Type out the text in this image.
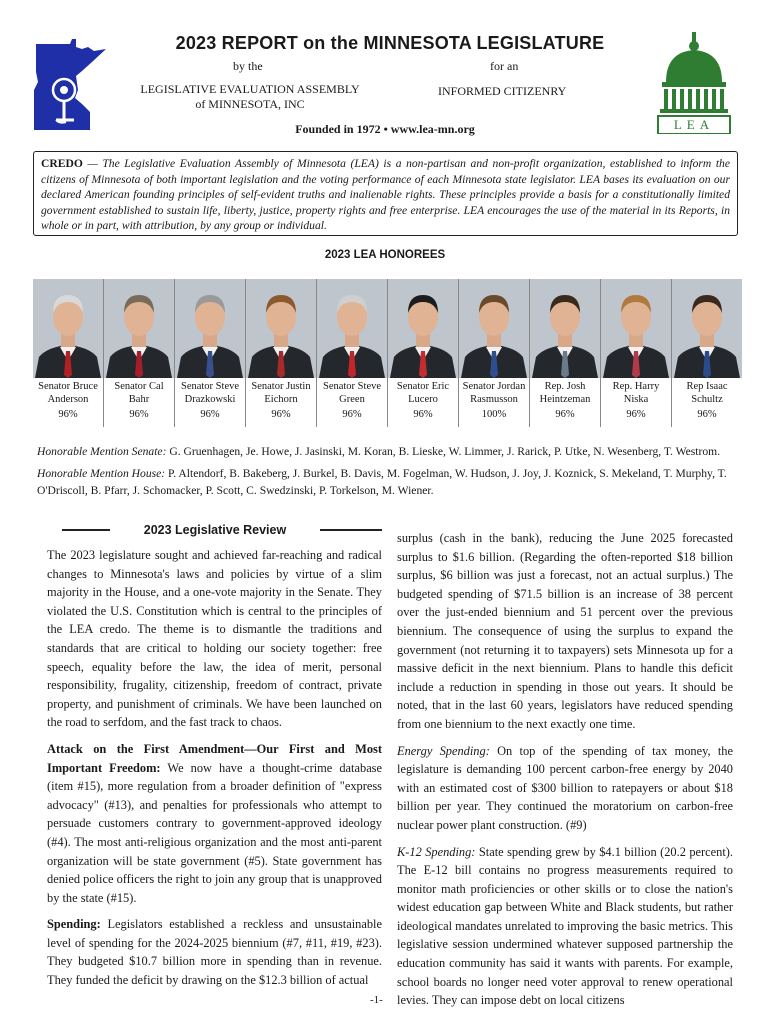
LEA
2023 REPORT on the MINNESOTA LEGISLATURE
by the	for an
LEGISLATIVE EVALUATION ASSEMBLY
of MINNESOTA, INC
INFORMED CITIZENRY
Founded in 1972 • www.lea-mn.org
CREDO — The Legislative Evaluation Assembly of Minnesota (LEA) is a non-partisan and non-profit organization, established to inform the citizens of Minnesota of both important legislation and the voting performance of each Minnesota state legislator. LEA bases its evaluation on our declared American founding principles of self-evident truths and inalienable rights. These principles provide a basis for a constitutionally limited government established to sustain life, liberty, justice, property rights and free enterprise. LEA encourages the use of the material in its Reports, in whole or in part, with attribution, by any group or individual.
2023 LEA HONOREES
Senator Bruce
Anderson
96%
Senator Cal
Bahr
96%
Senator Steve
Drazkowski
96%
Senator Justin
Eichorn
96%
Senator Steve
Green
96%
Senator Eric
Lucero
96%
Senator Jordan
Rasmusson
100%
Rep. Josh
Heintzeman
96%
Rep. Harry
Niska
96%
Rep Isaac
Schultz
96%
Honorable Mention Senate: G. Gruenhagen, Je. Howe, J. Jasinski, M. Koran, B. Lieske, W. Limmer, J. Rarick, P. Utke, N. Wesenberg, T. Westrom.
Honorable Mention House: P. Altendorf, B. Bakeberg, J. Burkel, B. Davis, M. Fogelman, W. Hudson, J. Joy, J. Koznick, S. Mekeland, T. Murphy, T. O'Driscoll, B. Pfarr, J. Schomacker, P. Scott, C. Swedzinski, P. Torkelson, M. Wiener.
2023 Legislative Review

The 2023 legislature sought and achieved far-reaching and radical changes to Minnesota's laws and policies by virtue of a slim majority in the House, and a one-vote majority in the Senate. They violated the U.S. Constitution which is central to the principles of the LEA credo. The theme is to dismantle the traditions and standards that are critical to holding our society together: free speech, equality before the law, the idea of merit, personal responsibility, frugality, citizenship, freedom of contract, private property, and punishment of criminals. We have been launched on the road to serfdom, and the fast track to chaos.

Attack on the First Amendment—Our First and Most Important Freedom: We now have a thought-crime database (item #15), more regulation from a broader definition of "express advocacy" (#13), and penalties for professionals who attempt to persuade customers contrary to government-approved ideology (#4). The most anti-religious organization and the most anti-parent organization will be state government (#5). State government has denied police officers the right to join any group that is unapproved by the state (#15).

Spending: Legislators established a reckless and unsustainable level of spending for the 2024-2025 biennium (#7, #11, #19, #23). They budgeted $10.7 billion more in spending than in revenue. They funded the deficit by drawing on the $12.3 billion of actual

surplus (cash in the bank), reducing the June 2025 forecasted surplus to $1.6 billion. (Regarding the often-reported $18 billion surplus, $6 billion was just a forecast, not an actual surplus.) The budgeted spending of $71.5 billion is an increase of 38 percent over the just-ended biennium and 51 percent over the previous biennium. The consequence of using the surplus to expand the government (not returning it to taxpayers) sets Minnesota up for a massive deficit in the next biennium. Plans to handle this deficit include a reduction in spending in those out years. It should be noted, that in the last 60 years, legislators have reduced spending from one biennium to the next exactly one time.

Energy Spending: On top of the spending of tax money, the legislature is demanding 100 percent carbon-free energy by 2040 with an estimated cost of $300 billion to ratepayers or about $18 billion per year. They continued the moratorium on carbon-free nuclear power plant construction. (#9)

K-12 Spending: State spending grew by $4.1 billion (20.2 percent). The E-12 bill contains no progress measurements required to monitor math proficiencies or other skills or to close the nation's widest education gap between White and Black students, but rather ideological mandates unrelated to improving the basic metrics. This legislative session undermined whatever supposed partnership the education community has said it wants with parents. For example, school boards no longer need voter approval to renew operational levies. They can impose debt on local citizens

-1-
